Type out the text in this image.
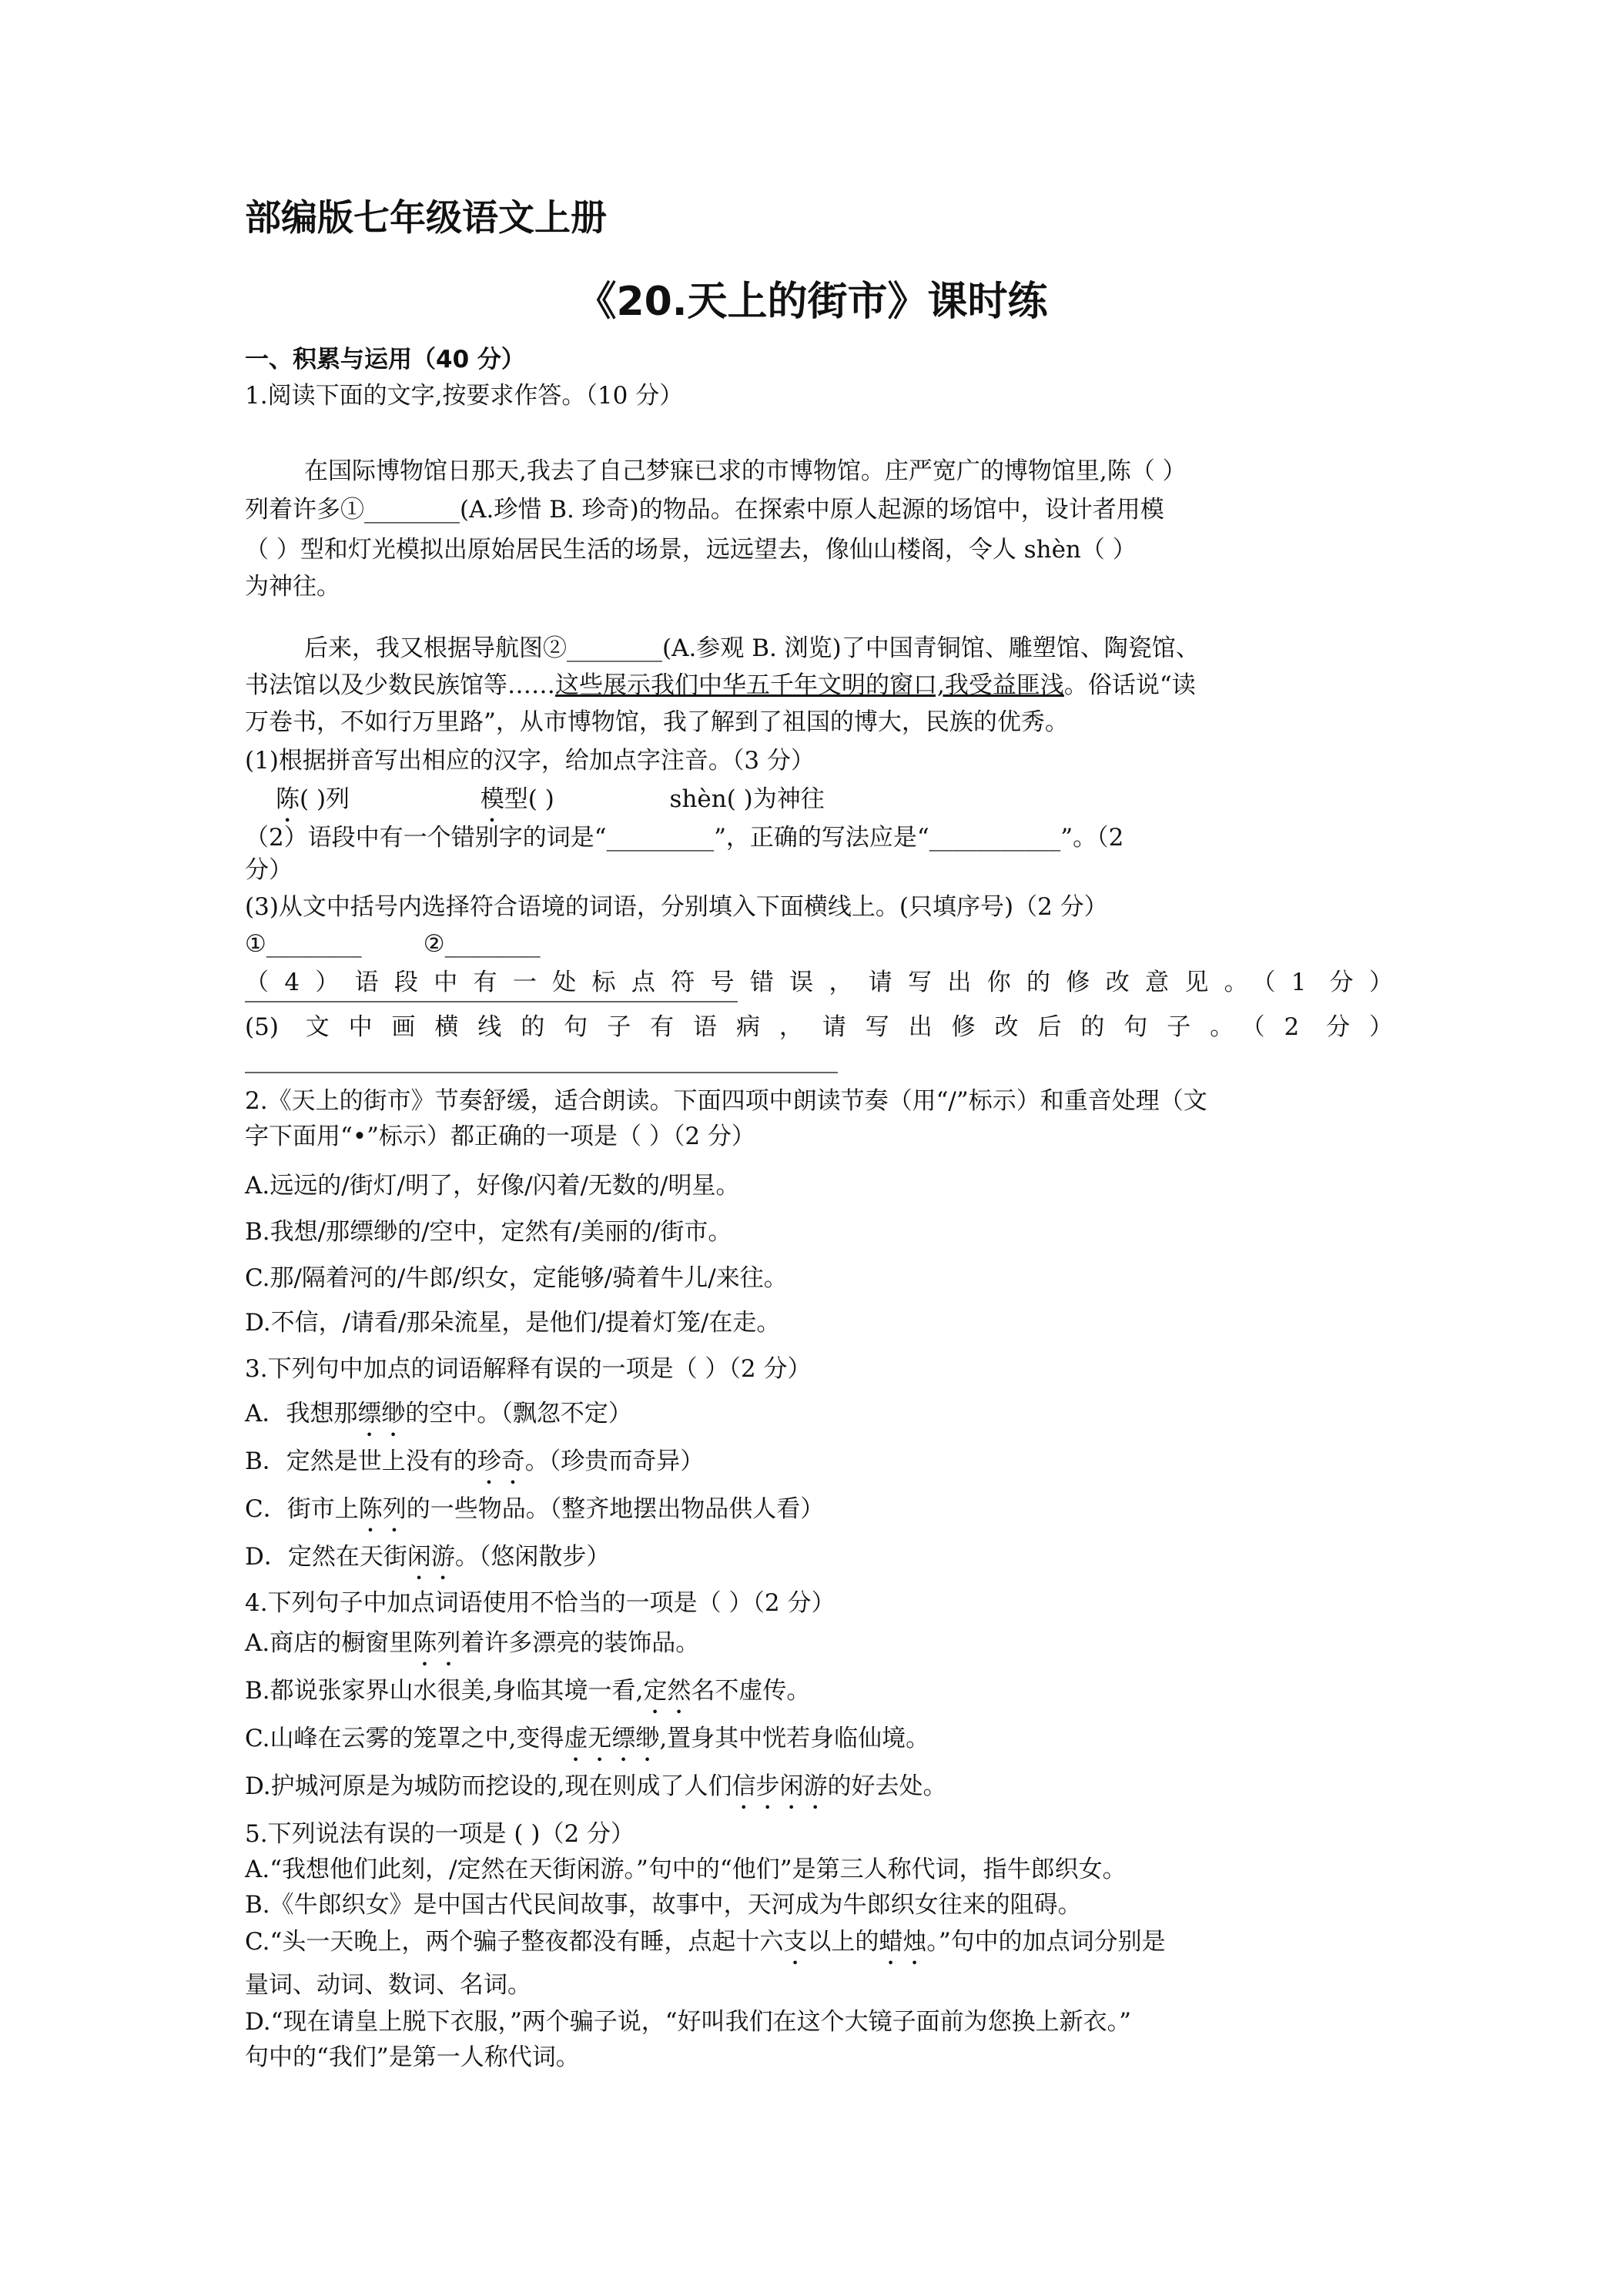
部编版七年级语文上册
《20.天上的街市》课时练
一、积累与运用（40 分）
1.阅读下面的文字,按要求作答。（10 分）
在国际博物馆日那天,我去了自己梦寐已求的市博物馆。庄严宽广的博物馆里,陈（ ）
列着许多①________(A.珍惜 B. 珍奇)的物品。在探索中原人起源的场馆中，设计者用模
（ ）型和灯光模拟出原始居民生活的场景，远远望去，像仙山楼阁，令人 shèn（ ）
为神往。
后来，我又根据导航图②________(A.参观 B. 浏览)了中国青铜馆、雕塑馆、陶瓷馆、
书法馆以及少数民族馆等……这些展示我们中华五千年文明的窗口,我受益匪浅。俗话说“读
万卷书，不如行万里路”，从市博物馆，我了解到了祖国的博大，民族的优秀。
(1)根据拼音写出相应的汉字，给加点字注音。（3 分）
陈( )列	模型( )	shèn( )为神往
（2）语段中有一个错别字的词是“_________”，正确的写法应是“___________”。（2
分）
(3)从文中括号内选择符合语境的词语，分别填入下面横线上。(只填序号)（2 分）
①________	②________
（4）语段中有一处标点符号错误，请写出你的修改意见。（1 分）
(5) 文中画横线的句子有语病，请写出修改后的句子。（2 分）
2.《天上的街市》节奏舒缓，适合朗读。下面四项中朗读节奏（用“/”标示）和重音处理（文
字下面用“•”标示）都正确的一项是（ ）（2 分）
A.远远的/街灯/明了，好像/闪着/无数的/明星。
B.我想/那缥缈的/空中，定然有/美丽的/街市。
C.那/隔着河的/牛郎/织女，定能够/骑着牛儿/来往。
D.不信，/请看/那朵流星，是他们/提着灯笼/在走。
3.下列句中加点的词语解释有误的一项是（ ）（2 分）
A．我想那缥缈的空中。（飘忽不定）
B．定然是世上没有的珍奇。（珍贵而奇异）
C．街市上陈列的一些物品。（整齐地摆出物品供人看）
D．定然在天街闲游。（悠闲散步）
4.下列句子中加点词语使用不恰当的一项是（ ）（2 分）
A.商店的橱窗里陈列着许多漂亮的装饰品。
B.都说张家界山水很美,身临其境一看,定然名不虚传。
C.山峰在云雾的笼罩之中,变得虚无缥缈,置身其中恍若身临仙境。
D.护城河原是为城防而挖设的,现在则成了人们信步闲游的好去处。
5.下列说法有误的一项是 ( )（2 分）
A.“我想他们此刻，/定然在天街闲游。”句中的“他们”是第三人称代词，指牛郎织女。
B.《牛郎织女》是中国古代民间故事，故事中，天河成为牛郎织女往来的阻碍。
C.“头一天晚上，两个骗子整夜都没有睡，点起十六支以上的蜡烛。”句中的加点词分别是
量词、动词、数词、名词。
D.“现在请皇上脱下衣服，”两个骗子说，“好叫我们在这个大镜子面前为您换上新衣。”
句中的“我们”是第一人称代词。
